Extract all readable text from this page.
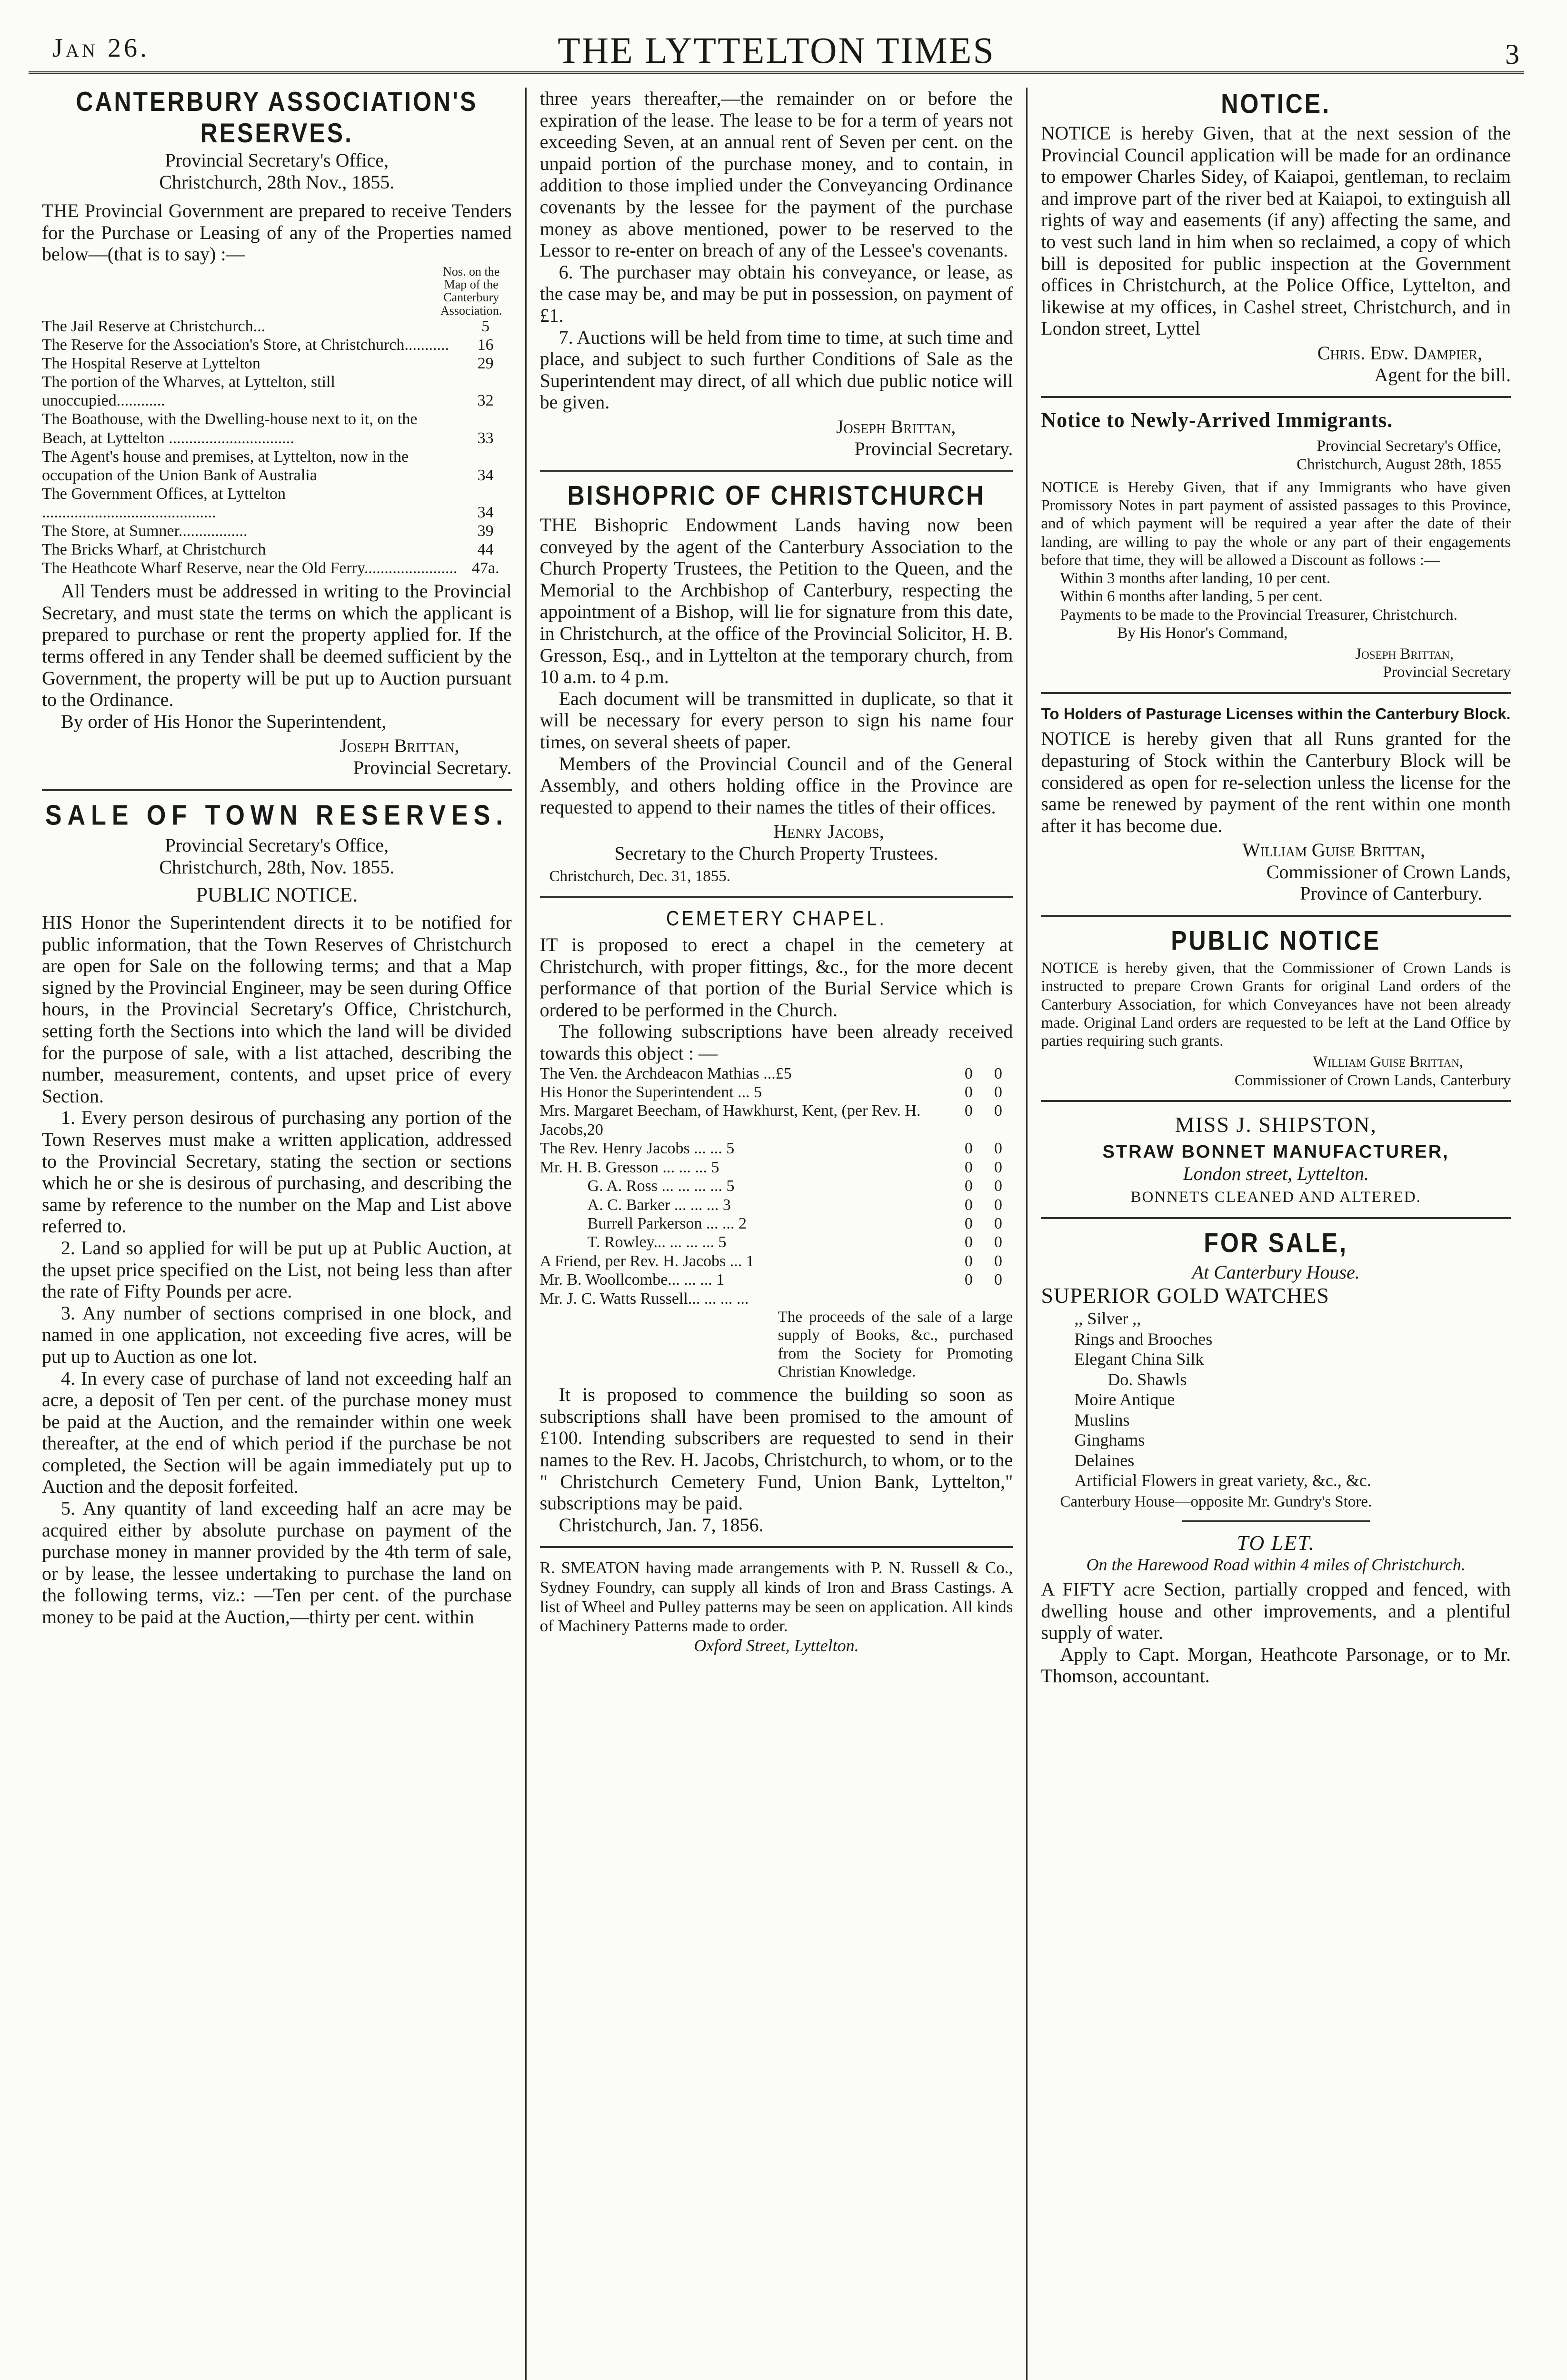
Jan 26.	THE LYTTELTON TIMES	3
CANTERBURY ASSOCIATION'S RESERVES.
Provincial Secretary's Office,
Christchurch, 28th Nov., 1855.

THE Provincial Government are prepared to receive Tenders for the Purchase or Leasing of any of the Properties named below—(that is to say) :—

Nos. on the Map of the Canterbury Association.
The Jail Reserve at Christchurch...	5
The Reserve for the Association's Store, at Christchurch...........	16
The Hospital Reserve at Lyttelton	29
The portion of the Wharves, at Lyttelton, still unoccupied............	32
The Boathouse, with the Dwelling-house next to it, on the Beach, at Lyttelton ...............................	33
The Agent's house and premises, at Lyttelton, now in the occupation of the Union Bank of Australia	34
The Government Offices, at Lyttelton ...........................................	34
The Store, at Sumner.................	39
The Bricks Wharf, at Christchurch	44
The Heathcote Wharf Reserve, near the Old Ferry.......................	47a.

All Tenders must be addressed in writing to the Provincial Secretary, and must state the terms on which the applicant is prepared to purchase or rent the property applied for. If the terms offered in any Tender shall be deemed sufficient by the Government, the property will be put up to Auction pursuant to the Ordinance.

By order of His Honor the Superintendent,

Joseph Brittan,
Provincial Secretary.
SALE OF TOWN RESERVES.
Provincial Secretary's Office,
Christchurch, 28th, Nov. 1855.
PUBLIC NOTICE.

HIS Honor the Superintendent directs it to be notified for public information, that the Town Reserves of Christchurch are open for Sale on the following terms; and that a Map signed by the Provincial Engineer, may be seen during Office hours, in the Provincial Secretary's Office, Christchurch, setting forth the Sections into which the land will be divided for the purpose of sale, with a list attached, describing the number, measurement, contents, and upset price of every Section.

1. Every person desirous of purchasing any portion of the Town Reserves must make a written application, addressed to the Provincial Secretary, stating the section or sections which he or she is desirous of purchasing, and describing the same by reference to the number on the Map and List above referred to.

2. Land so applied for will be put up at Public Auction, at the upset price specified on the List, not being less than after the rate of Fifty Pounds per acre.

3. Any number of sections comprised in one block, and named in one application, not exceeding five acres, will be put up to Auction as one lot.

4. In every case of purchase of land not exceeding half an acre, a deposit of Ten per cent. of the purchase money must be paid at the Auction, and the remainder within one week thereafter, at the end of which period if the purchase be not completed, the Section will be again immediately put up to Auction and the deposit forfeited.

5. Any quantity of land exceeding half an acre may be acquired either by absolute purchase on payment of the purchase money in manner provided by the 4th term of sale, or by lease, the lessee undertaking to purchase the land on the following terms, viz.: —Ten per cent. of the purchase money to be paid at the Auction,—thirty per cent. within

three years thereafter,—the remainder on or before the expiration of the lease. The lease to be for a term of years not exceeding Seven, at an annual rent of Seven per cent. on the unpaid portion of the purchase money, and to contain, in addition to those implied under the Conveyancing Ordinance covenants by the lessee for the payment of the purchase money as above mentioned, power to be reserved to the Lessor to re-enter on breach of any of the Lessee's covenants.

6. The purchaser may obtain his conveyance, or lease, as the case may be, and may be put in possession, on payment of £1.

7. Auctions will be held from time to time, at such time and place, and subject to such further Conditions of Sale as the Superintendent may direct, of all which due public notice will be given.

Joseph Brittan,
Provincial Secretary.
BISHOPRIC OF CHRISTCHURCH

THE Bishopric Endowment Lands having now been conveyed by the agent of the Canterbury Association to the Church Property Trustees, the Petition to the Queen, and the Memorial to the Archbishop of Canterbury, respecting the appointment of a Bishop, will lie for signature from this date, in Christchurch, at the office of the Provincial Solicitor, H. B. Gresson, Esq., and in Lyttelton at the temporary church, from 10 a.m. to 4 p.m.

Each document will be transmitted in duplicate, so that it will be necessary for every person to sign his name four times, on several sheets of paper.

Members of the Provincial Council and of the General Assembly, and others holding office in the Province are requested to append to their names the titles of their offices.

Henry Jacobs,
Secretary to the Church Property Trustees.
Christchurch, Dec. 31, 1855.
CEMETERY CHAPEL.

IT is proposed to erect a chapel in the cemetery at Christchurch, with proper fittings, &c., for the more decent performance of that portion of the Burial Service which is ordered to be performed in the Church.

The following subscriptions have been already received towards this object : —

The Ven. the Archdeacon Mathias ...£5	0	0
His Honor the Superintendent ... 5	0	0
Mrs. Margaret Beecham, of Hawkhurst, Kent, (per Rev. H. Jacobs,20	0	0
The Rev. Henry Jacobs ... ... 5	0	0
Mr. H. B. Gresson ... ... ... 5	0	0
G. A. Ross ... ... ... ... 5	0	0
A. C. Barker ... ... ... 3	0	0
Burrell Parkerson ... ... 2	0	0
T. Rowley... ... ... ... 5	0	0
A Friend, per Rev. H. Jacobs ... 1	0	0
Mr. B. Woollcombe... ... ... 1	0	0
Mr. J. C. Watts Russell... ... ... ...
The proceeds of the sale of a large supply of Books, &c., purchased from the Society for Promoting Christian Knowledge.

It is proposed to commence the building so soon as subscriptions shall have been promised to the amount of £100. Intending subscribers are requested to send in their names to the Rev. H. Jacobs, Christchurch, to whom, or to the " Christchurch Cemetery Fund, Union Bank, Lyttelton," subscriptions may be paid.

Christchurch, Jan. 7, 1856.

R. SMEATON having made arrangements with P. N. Russell & Co., Sydney Foundry, can supply all kinds of Iron and Brass Castings. A list of Wheel and Pulley patterns may be seen on application. All kinds of Machinery Patterns made to order.

Oxford Street, Lyttelton.
NOTICE.

NOTICE is hereby Given, that at the next session of the Provincial Council application will be made for an ordinance to empower Charles Sidey, of Kaiapoi, gentleman, to reclaim and improve part of the river bed at Kaiapoi, to extinguish all rights of way and easements (if any) affecting the same, and to vest such land in him when so reclaimed, a copy of which bill is deposited for public inspection at the Government offices in Christchurch, at the Police Office, Lyttelton, and likewise at my offices, in Cashel street, Christchurch, and in London street, Lyttel

Chris. Edw. Dampier,
Agent for the bill.
Notice to Newly-Arrived Immigrants.
Provincial Secretary's Office,
Christchurch, August 28th, 1855

NOTICE is Hereby Given, that if any Immigrants who have given Promissory Notes in part payment of assisted passages to this Province, and of which payment will be required a year after the date of their landing, are willing to pay the whole or any part of their engagements before that time, they will be allowed a Discount as follows :—

Within 3 months after landing, 10 per cent.
Within 6 months after landing, 5 per cent.

Payments to be made to the Provincial Treasurer, Christchurch.

By His Honor's Command,
Joseph Brittan,
Provincial Secretary
To Holders of Pasturage Licenses within the Canterbury Block.

NOTICE is hereby given that all Runs granted for the depasturing of Stock within the Canterbury Block will be considered as open for re-selection unless the license for the same be renewed by payment of the rent within one month after it has become due.

William Guise Brittan,
Commissioner of Crown Lands,
Province of Canterbury.
PUBLIC NOTICE

NOTICE is hereby given, that the Commissioner of Crown Lands is instructed to prepare Crown Grants for original Land orders of the Canterbury Association, for which Conveyances have not been already made. Original Land orders are requested to be left at the Land Office by parties requiring such grants.

William Guise Brittan,
Commissioner of Crown Lands, Canterbury
MISS J. SHIPSTON,
STRAW BONNET MANUFACTURER,
London street, Lyttelton.
BONNETS CLEANED AND ALTERED.
FOR SALE,
At Canterbury House.
SUPERIOR GOLD WATCHES
,, Silver ,,
Rings and Brooches
Elegant China Silk
Do. Shawls
Moire Antique
Muslins
Ginghams
Delaines
Artificial Flowers in great variety, &c., &c.
Canterbury House—opposite Mr. Gundry's Store.
TO LET.
On the Harewood Road within 4 miles of Christchurch.

A FIFTY acre Section, partially cropped and fenced, with dwelling house and other improvements, and a plentiful supply of water.

Apply to Capt. Morgan, Heathcote Parsonage, or to Mr. Thomson, accountant.
